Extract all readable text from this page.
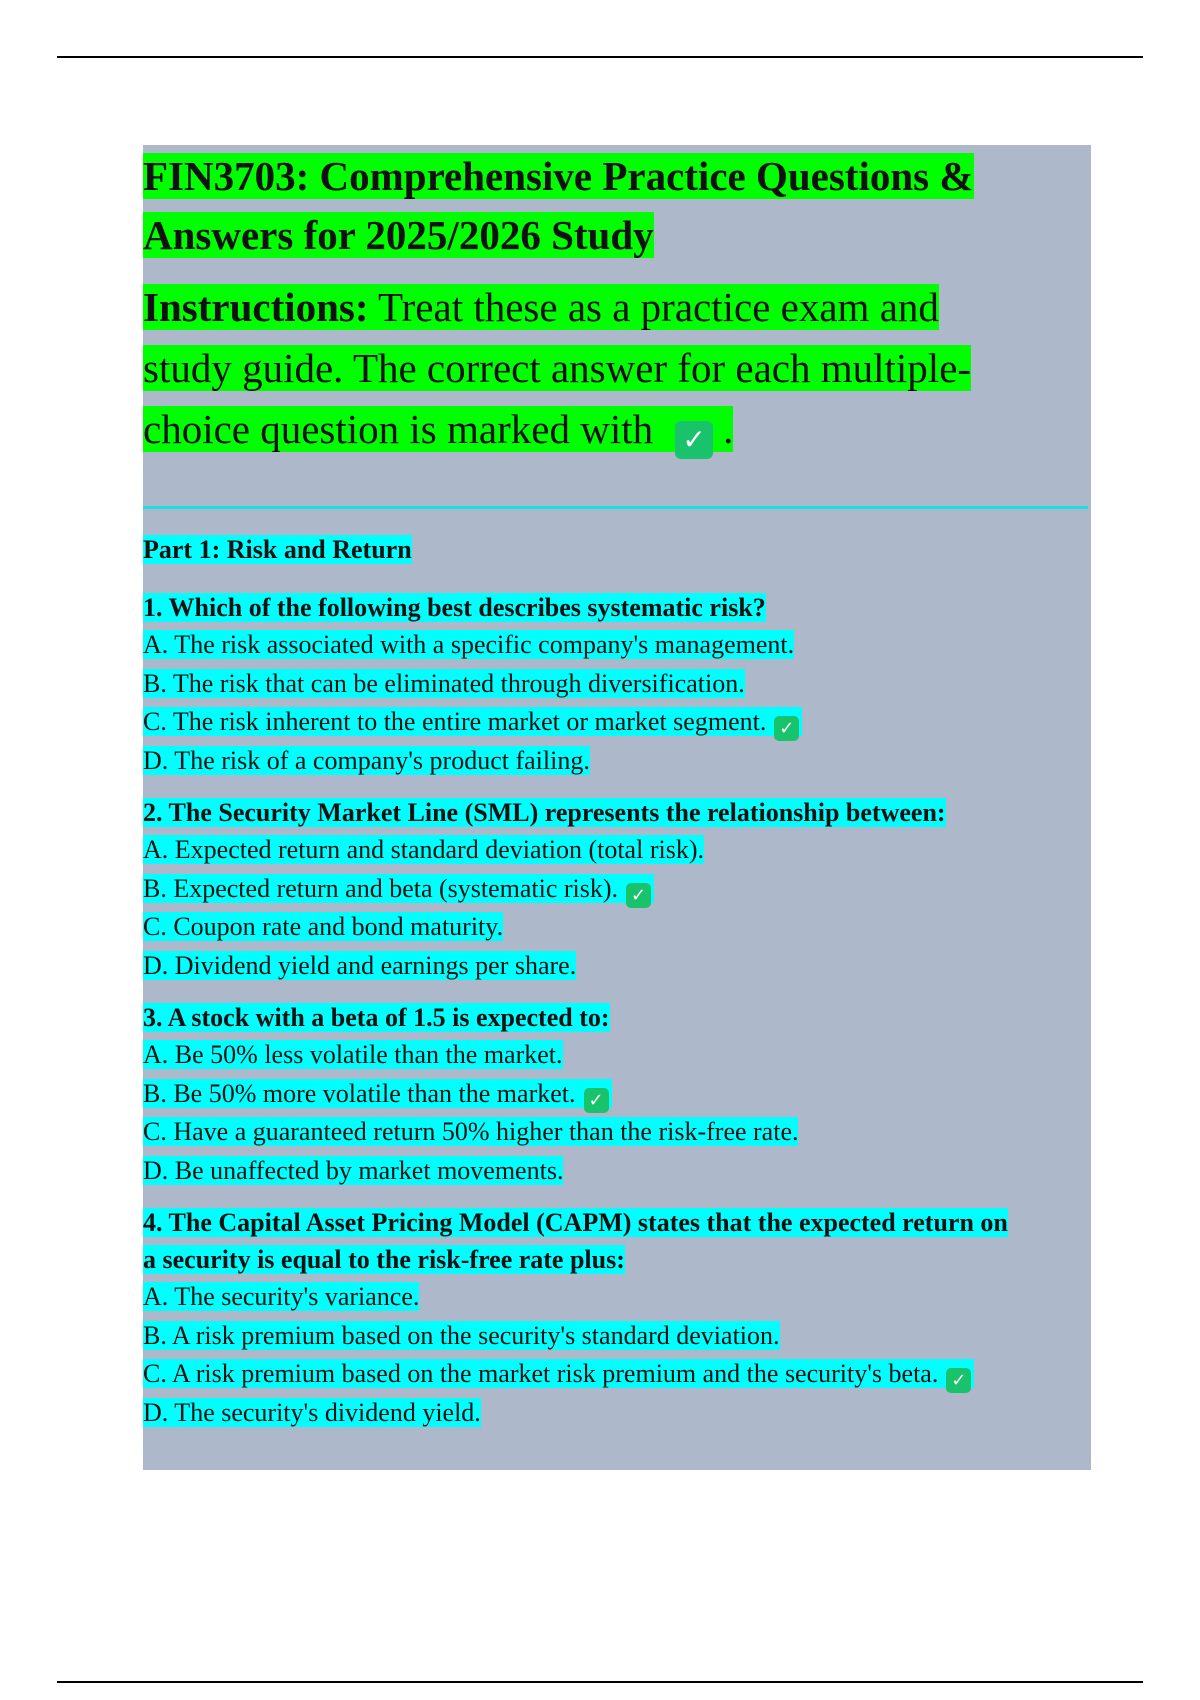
FIN3703: Comprehensive Practice Questions &
Answers for 2025/2026 Study

Instructions: Treat these as a practice exam and
study guide. The correct answer for each multiple-
choice question is marked with ✓ .

Part 1: Risk and Return

1. Which of the following best describes systematic risk?

A. The risk associated with a specific company's management.
B. The risk that can be eliminated through diversification.
C. The risk inherent to the entire market or market segment. ✓
D. The risk of a company's product failing.

2. The Security Market Line (SML) represents the relationship between:

A. Expected return and standard deviation (total risk).
B. Expected return and beta (systematic risk). ✓
C. Coupon rate and bond maturity.
D. Dividend yield and earnings per share.

3. A stock with a beta of 1.5 is expected to:

A. Be 50% less volatile than the market.
B. Be 50% more volatile than the market. ✓
C. Have a guaranteed return 50% higher than the risk-free rate.
D. Be unaffected by market movements.

4. The Capital Asset Pricing Model (CAPM) states that the expected return on
a security is equal to the risk-free rate plus:

A. The security's variance.
B. A risk premium based on the security's standard deviation.
C. A risk premium based on the market risk premium and the security's beta. ✓
D. The security's dividend yield.
